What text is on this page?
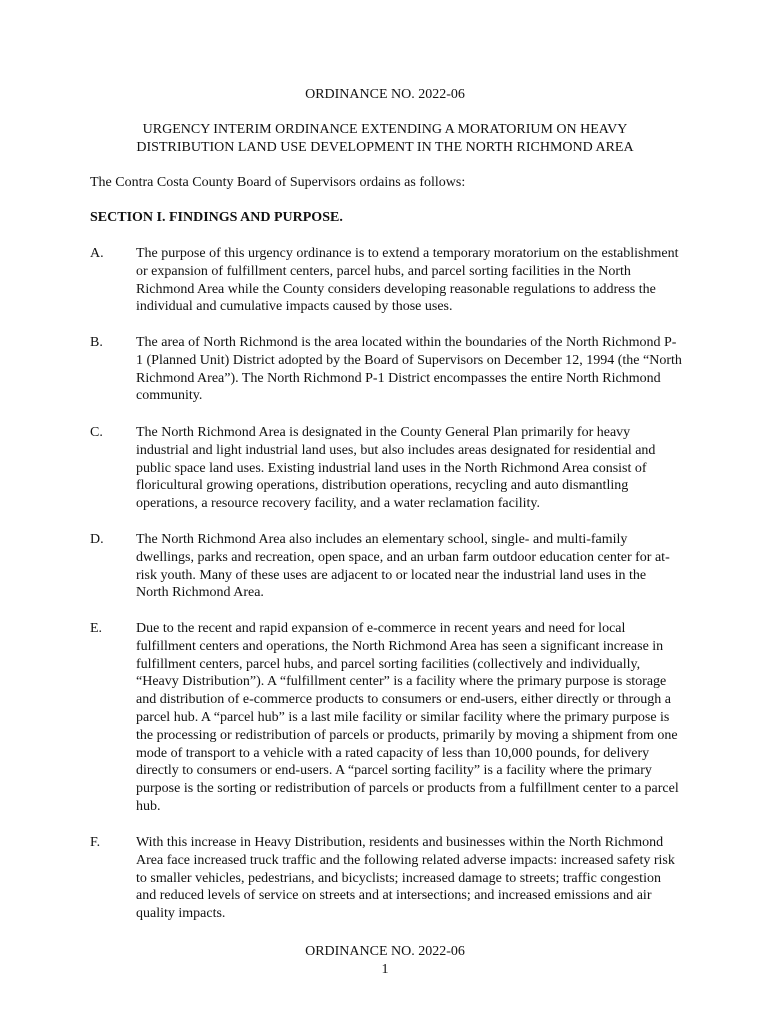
ORDINANCE NO. 2022-06
URGENCY INTERIM ORDINANCE EXTENDING A MORATORIUM ON HEAVY
DISTRIBUTION LAND USE DEVELOPMENT IN THE NORTH RICHMOND AREA
The Contra Costa County Board of Supervisors ordains as follows:
SECTION I. FINDINGS AND PURPOSE.
A.	The purpose of this urgency ordinance is to extend a temporary moratorium on the establishment or expansion of fulfillment centers, parcel hubs, and parcel sorting facilities in the North Richmond Area while the County considers developing reasonable regulations to address the individual and cumulative impacts caused by those uses.
B.	The area of North Richmond is the area located within the boundaries of the North Richmond P-1 (Planned Unit) District adopted by the Board of Supervisors on December 12, 1994 (the “North Richmond Area”). The North Richmond P-1 District encompasses the entire North Richmond community.
C.	The North Richmond Area is designated in the County General Plan primarily for heavy industrial and light industrial land uses, but also includes areas designated for residential and public space land uses. Existing industrial land uses in the North Richmond Area consist of floricultural growing operations, distribution operations, recycling and auto dismantling operations, a resource recovery facility, and a water reclamation facility.
D.	The North Richmond Area also includes an elementary school, single- and multi-family dwellings, parks and recreation, open space, and an urban farm outdoor education center for at-risk youth. Many of these uses are adjacent to or located near the industrial land uses in the North Richmond Area.
E.	Due to the recent and rapid expansion of e-commerce in recent years and need for local fulfillment centers and operations, the North Richmond Area has seen a significant increase in fulfillment centers, parcel hubs, and parcel sorting facilities (collectively and individually, “Heavy Distribution”). A “fulfillment center” is a facility where the primary purpose is storage and distribution of e-commerce products to consumers or end-users, either directly or through a parcel hub. A “parcel hub” is a last mile facility or similar facility where the primary purpose is the processing or redistribution of parcels or products, primarily by moving a shipment from one mode of transport to a vehicle with a rated capacity of less than 10,000 pounds, for delivery directly to consumers or end-users. A “parcel sorting facility” is a facility where the primary purpose is the sorting or redistribution of parcels or products from a fulfillment center to a parcel hub.
F.	With this increase in Heavy Distribution, residents and businesses within the North Richmond Area face increased truck traffic and the following related adverse impacts: increased safety risk to smaller vehicles, pedestrians, and bicyclists; increased damage to streets; traffic congestion and reduced levels of service on streets and at intersections; and increased emissions and air quality impacts.
ORDINANCE NO. 2022-06
1
